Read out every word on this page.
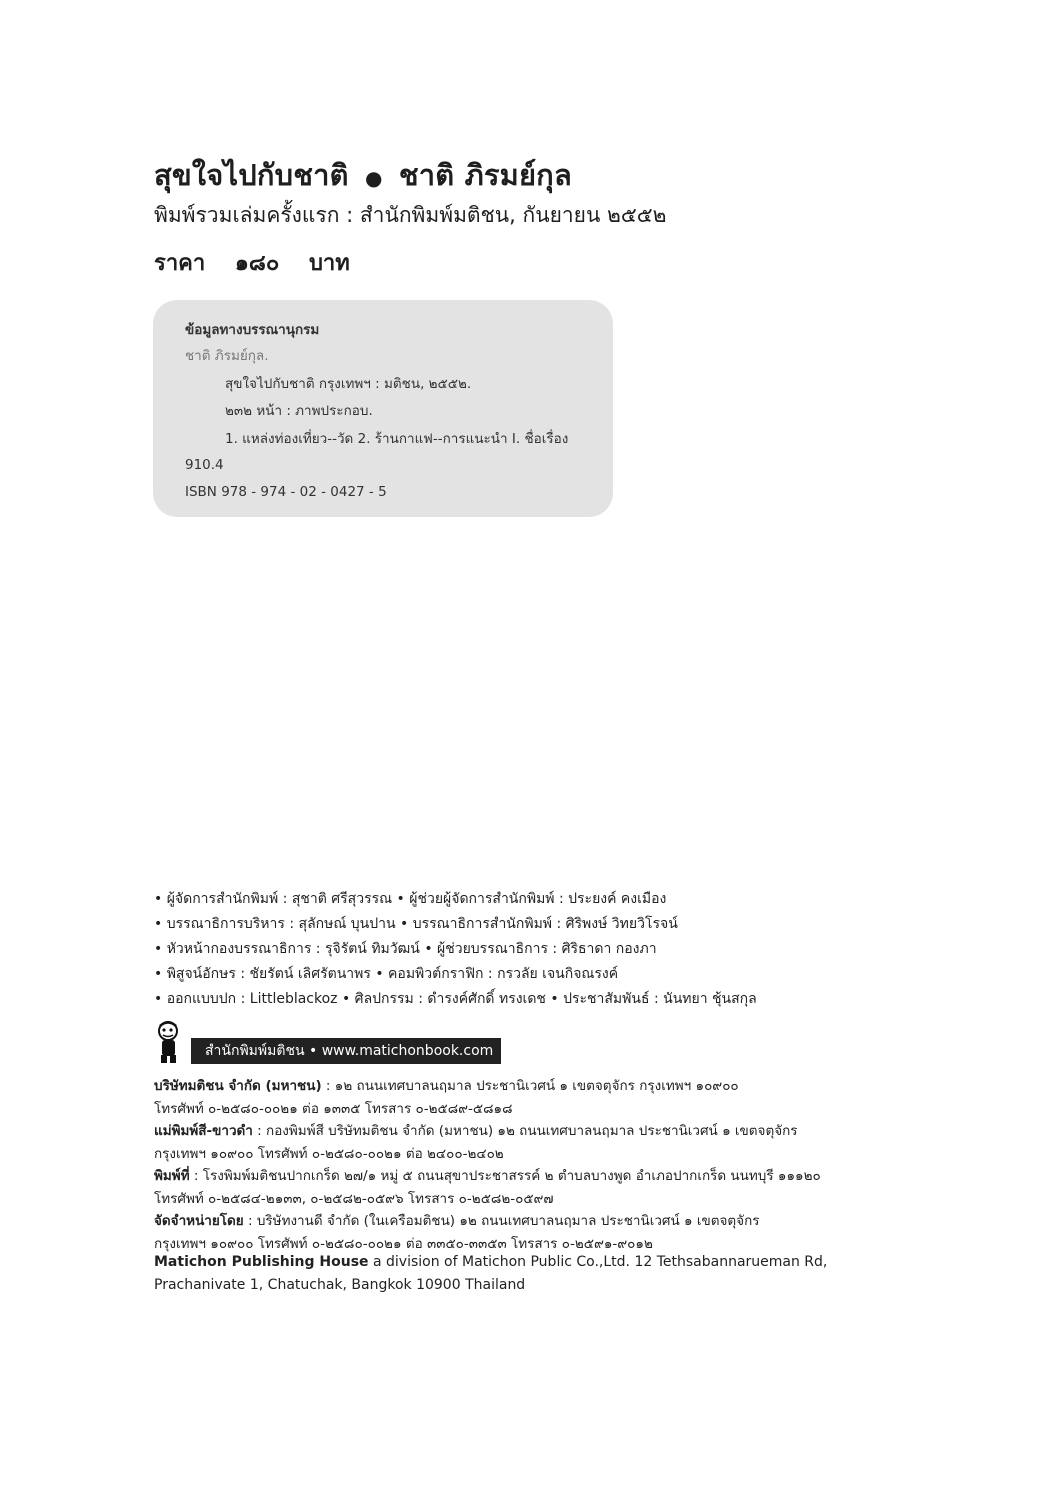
สุขใจไปกับชาติ ● ชาติ ภิรมย์กุล
พิมพ์รวมเล่มครั้งแรก : สำนักพิมพ์มติชน, กันยายน ๒๕๕๒
ราคา ๑๘๐ บาท
ข้อมูลทางบรรณานุกรม
ชาติ ภิรมย์กุล.
สุขใจไปกับชาติ กรุงเทพฯ : มติชน, ๒๕๕๒.
๒๓๒ หน้า : ภาพประกอบ.
1. แหล่งท่องเที่ยว--วัด 2. ร้านกาแฟ--การแนะนำ I. ชื่อเรื่อง
910.4
ISBN 978 - 974 - 02 - 0427 - 5
• ผู้จัดการสำนักพิมพ์ : สุชาติ ศรีสุวรรณ • ผู้ช่วยผู้จัดการสำนักพิมพ์ : ประยงค์ คงเมือง
• บรรณาธิการบริหาร : สุลักษณ์ บุนปาน • บรรณาธิการสำนักพิมพ์ : ศิริพงษ์ วิทยวิโรจน์
• หัวหน้ากองบรรณาธิการ : รุจิรัตน์ ทิมวัฒน์ • ผู้ช่วยบรรณาธิการ : ศิริธาดา กองภา
• พิสูจน์อักษร : ชัยรัตน์ เลิศรัตนาพร • คอมพิวต์กราฟิก : กรวลัย เจนกิจณรงค์
• ออกแบบปก : Littleblackoz • ศิลปกรรม : ดำรงค์ศักดิ์ ทรงเดช • ประชาสัมพันธ์ : นันทยา ชุ้นสกุล
สำนักพิมพ์มติชน • www.matichonbook.com
บริษัทมติชน จำกัด (มหาชน) : ๑๒ ถนนเทศบาลนฤมาล ประชานิเวศน์ ๑ เขตจตุจักร กรุงเทพฯ ๑๐๙๐๐
โทรศัพท์ ๐-๒๕๘๐-๐๐๒๑ ต่อ ๑๓๓๕ โทรสาร ๐-๒๕๘๙-๕๘๑๘
แม่พิมพ์สี-ขาวดำ : กองพิมพ์สี บริษัทมติชน จำกัด (มหาชน) ๑๒ ถนนเทศบาลนฤมาล ประชานิเวศน์ ๑ เขตจตุจักร
กรุงเทพฯ ๑๐๙๐๐ โทรศัพท์ ๐-๒๕๘๐-๐๐๒๑ ต่อ ๒๔๐๐-๒๔๐๒
พิมพ์ที่ : โรงพิมพ์มติชนปากเกร็ด ๒๗/๑ หมู่ ๕ ถนนสุขาประชาสรรค์ ๒ ตำบลบางพูด อำเภอปากเกร็ด นนทบุรี ๑๑๑๒๐
โทรศัพท์ ๐-๒๕๘๔-๒๑๓๓, ๐-๒๕๘๒-๐๕๙๖ โทรสาร ๐-๒๕๘๒-๐๕๙๗
จัดจำหน่ายโดย : บริษัทงานดี จำกัด (ในเครือมติชน) ๑๒ ถนนเทศบาลนฤมาล ประชานิเวศน์ ๑ เขตจตุจักร
กรุงเทพฯ ๑๐๙๐๐ โทรศัพท์ ๐-๒๕๘๐-๐๐๒๑ ต่อ ๓๓๕๐-๓๓๕๓ โทรสาร ๐-๒๕๙๑-๙๐๑๒
Matichon Publishing House a division of Matichon Public Co.,Ltd. 12 Tethsabannarueman Rd,
Prachanivate 1, Chatuchak, Bangkok 10900 Thailand
